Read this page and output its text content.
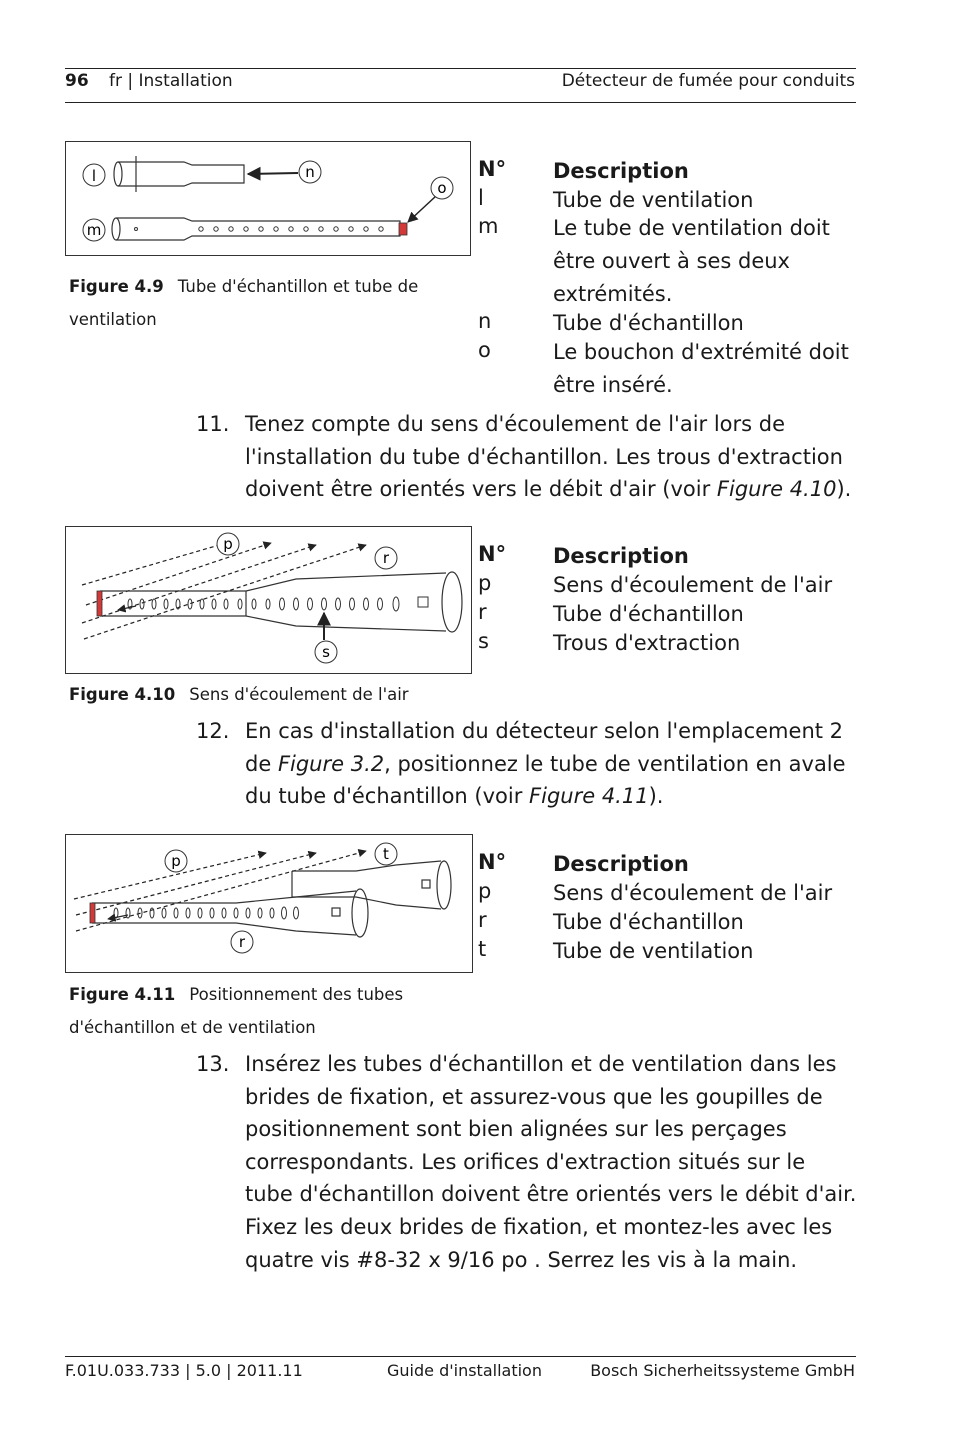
96 fr | Installation	Détecteur de fumée pour conduits
l
m
n
o
Figure 4.9 Tube d'échantillon et tube de ventilation
N° Description
l	Tube de ventilation
m	Le tube de ventilation doit être ouvert à ses deux extrémités.
n	Tube d'échantillon
o	Le bouchon d'extrémité doit être inséré.
11. Tenez compte du sens d'écoulement de l'air lors de l'installation du tube d'échantillon. Les trous d'extraction doivent être orientés vers le débit d'air (voir Figure 4.10).
p
r
s
Figure 4.10 Sens d'écoulement de l'air
N° Description
p	Sens d'écoulement de l'air
r	Tube d'échantillon
s	Trous d'extraction
12. En cas d'installation du détecteur selon l'emplacement 2 de Figure 3.2, positionnez le tube de ventilation en avale du tube d'échantillon (voir Figure 4.11).
p	t
r
Figure 4.11 Positionnement des tubes d'échantillon et de ventilation
N° Description
p	Sens d'écoulement de l'air
r	Tube d'échantillon
t	Tube de ventilation
13. Insérez les tubes d'échantillon et de ventilation dans les brides de fixation, et assurez-vous que les goupilles de positionnement sont bien alignées sur les perçages correspondants. Les orifices d'extraction situés sur le tube d'échantillon doivent être orientés vers le débit d'air. Fixez les deux brides de fixation, et montez-les avec les quatre vis #8-32 x 9/16 po . Serrez les vis à la main.
F.01U.033.733 | 5.0 | 2011.11	Guide d'installation	Bosch Sicherheitssysteme GmbH
